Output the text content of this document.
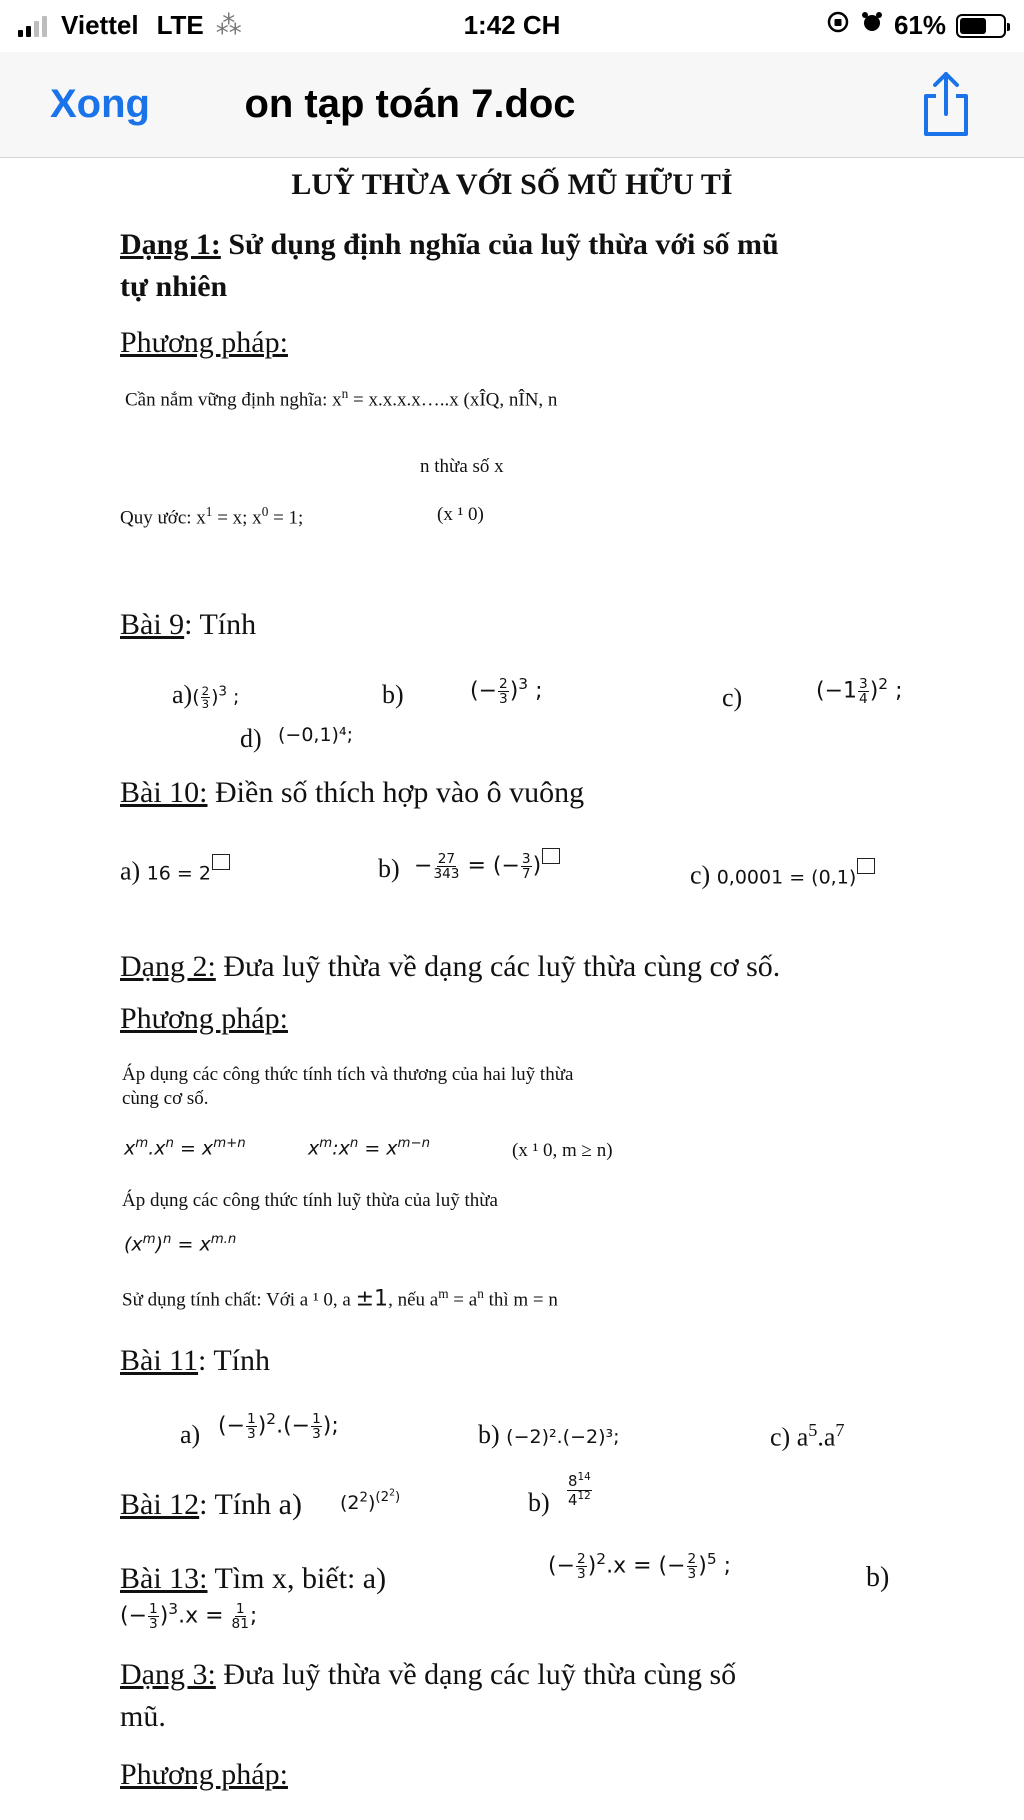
Viettel LTE ⁂	1:42 CH	61%
Xong	on tạp toán 7.doc
LUỸ THỪA VỚI SỐ MŨ HỮU TỈ
Dạng 1: Sử dụng định nghĩa của luỹ thừa với số mũ
tự nhiên
Phương pháp:
Cần nắm vững định nghĩa: $x^n$ = x.x.x.x…..x (xÎQ, nÎN, n
n thừa số x
Quy ước: $x^1 = x$; $x^0 = 1$;	(x ¹ 0)
Bài 9: Tính
$a)( \frac{2}{3} )^3$ ;	b)	(− $\frac{2}{3} )^3$ ;	c)	$(-1 \frac{3}{4} )^2$ ;
d) (−0,1)⁴;
Bài 10: Điền số thích hợp vào ô vuông
a) 16 = 2	$b) - \frac{27}{343}$ = (− $\frac{3}{7}$ )	c) 0,0001 = (0,1)
Dạng 2: Đưa luỹ thừa về dạng các luỹ thừa cùng cơ số.
Phương pháp:
Áp dụng các công thức tính tích và thương của hai luỹ thừa
cùng cơ số.
$x^m.x^n = x^{m+n}$	$x^m:x^n = x^{m-n}$	(x ¹ 0, m ≥ n)
Áp dụng các công thức tính luỹ thừa của luỹ thừa
$(x^m)^n = x^{m.n}$
Sử dụng tính chất: Với a ¹ 0, a ±1, nếu $a^m = a^n$ thì m = n
Bài 11: Tính
a) (− $\frac{1}{3} )^2.(- \frac{1}{3}$ );	b) (−2)².(−2)³;	c) $a^5.a^7$
Bài 12: Tính a) $(2^2)^{(2^2)}$	$b) \frac{8^{14}}{4^{12}}$
Bài 13: Tìm x, biết: a)	(− $\frac{2}{3} )^2.x$ = (− $\frac{2}{3} )^5$ ;	b)
(− $\frac{1}{3} )^3.x = \frac{1}{81}$ ;
Dạng 3: Đưa luỹ thừa về dạng các luỹ thừa cùng số
mũ.
Phương pháp:
